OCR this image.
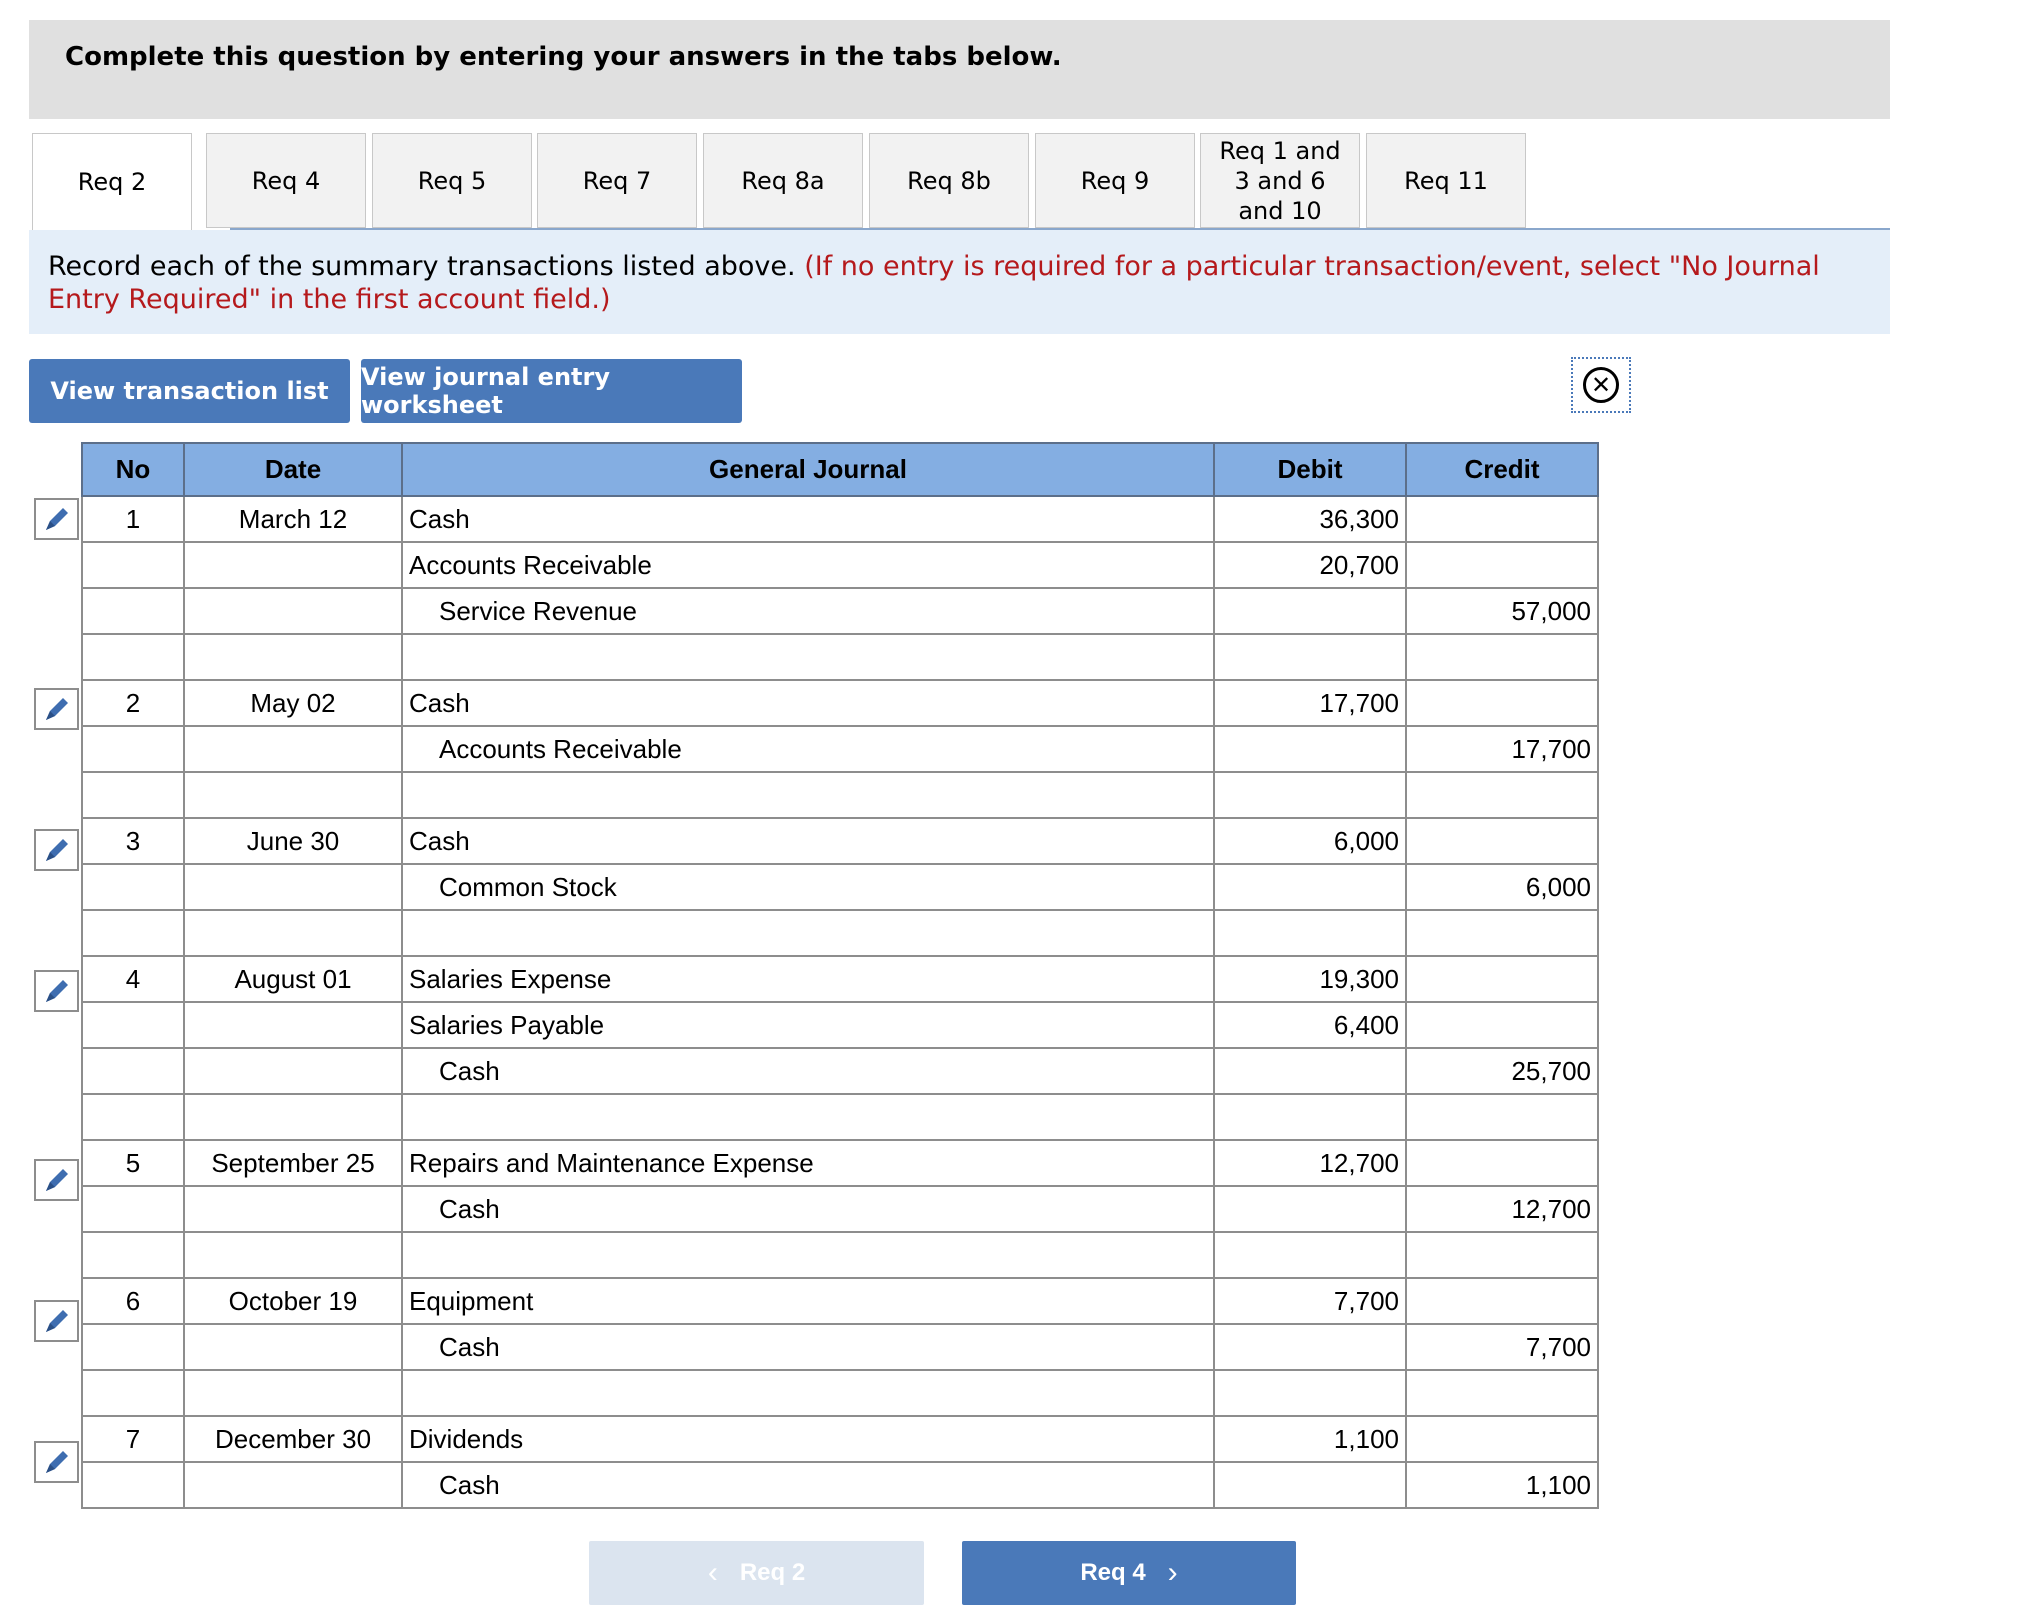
Complete this question by entering your answers in the tabs below.
Req 2	Req 4	Req 5	Req 7	Req 8a	Req 8b	Req 9
Req 1 and 3 and 6 and 10
Req 11
Record each of the summary transactions listed above. (If no entry is required for a particular transaction/event, select "No Journal Entry Required" in the first account field.)
View transaction list	View journal entry worksheet
✕
No	Date	General Journal	Debit	Credit
1	March 12	Cash	36,300	
		Accounts Receivable	20,700	
		Service Revenue		57,000

2	May 02	Cash	17,700	
		Accounts Receivable		17,700

3	June 30	Cash	6,000	
		Common Stock		6,000

4	August 01	Salaries Expense	19,300	
		Salaries Payable	6,400	
		Cash		25,700

5	September 25	Repairs and Maintenance Expense	12,700	
		Cash		12,700

6	October 19	Equipment	7,700	
		Cash		7,700

7	December 30	Dividends	1,100	
		Cash		1,100
‹ Req 2	Req 4 ›
